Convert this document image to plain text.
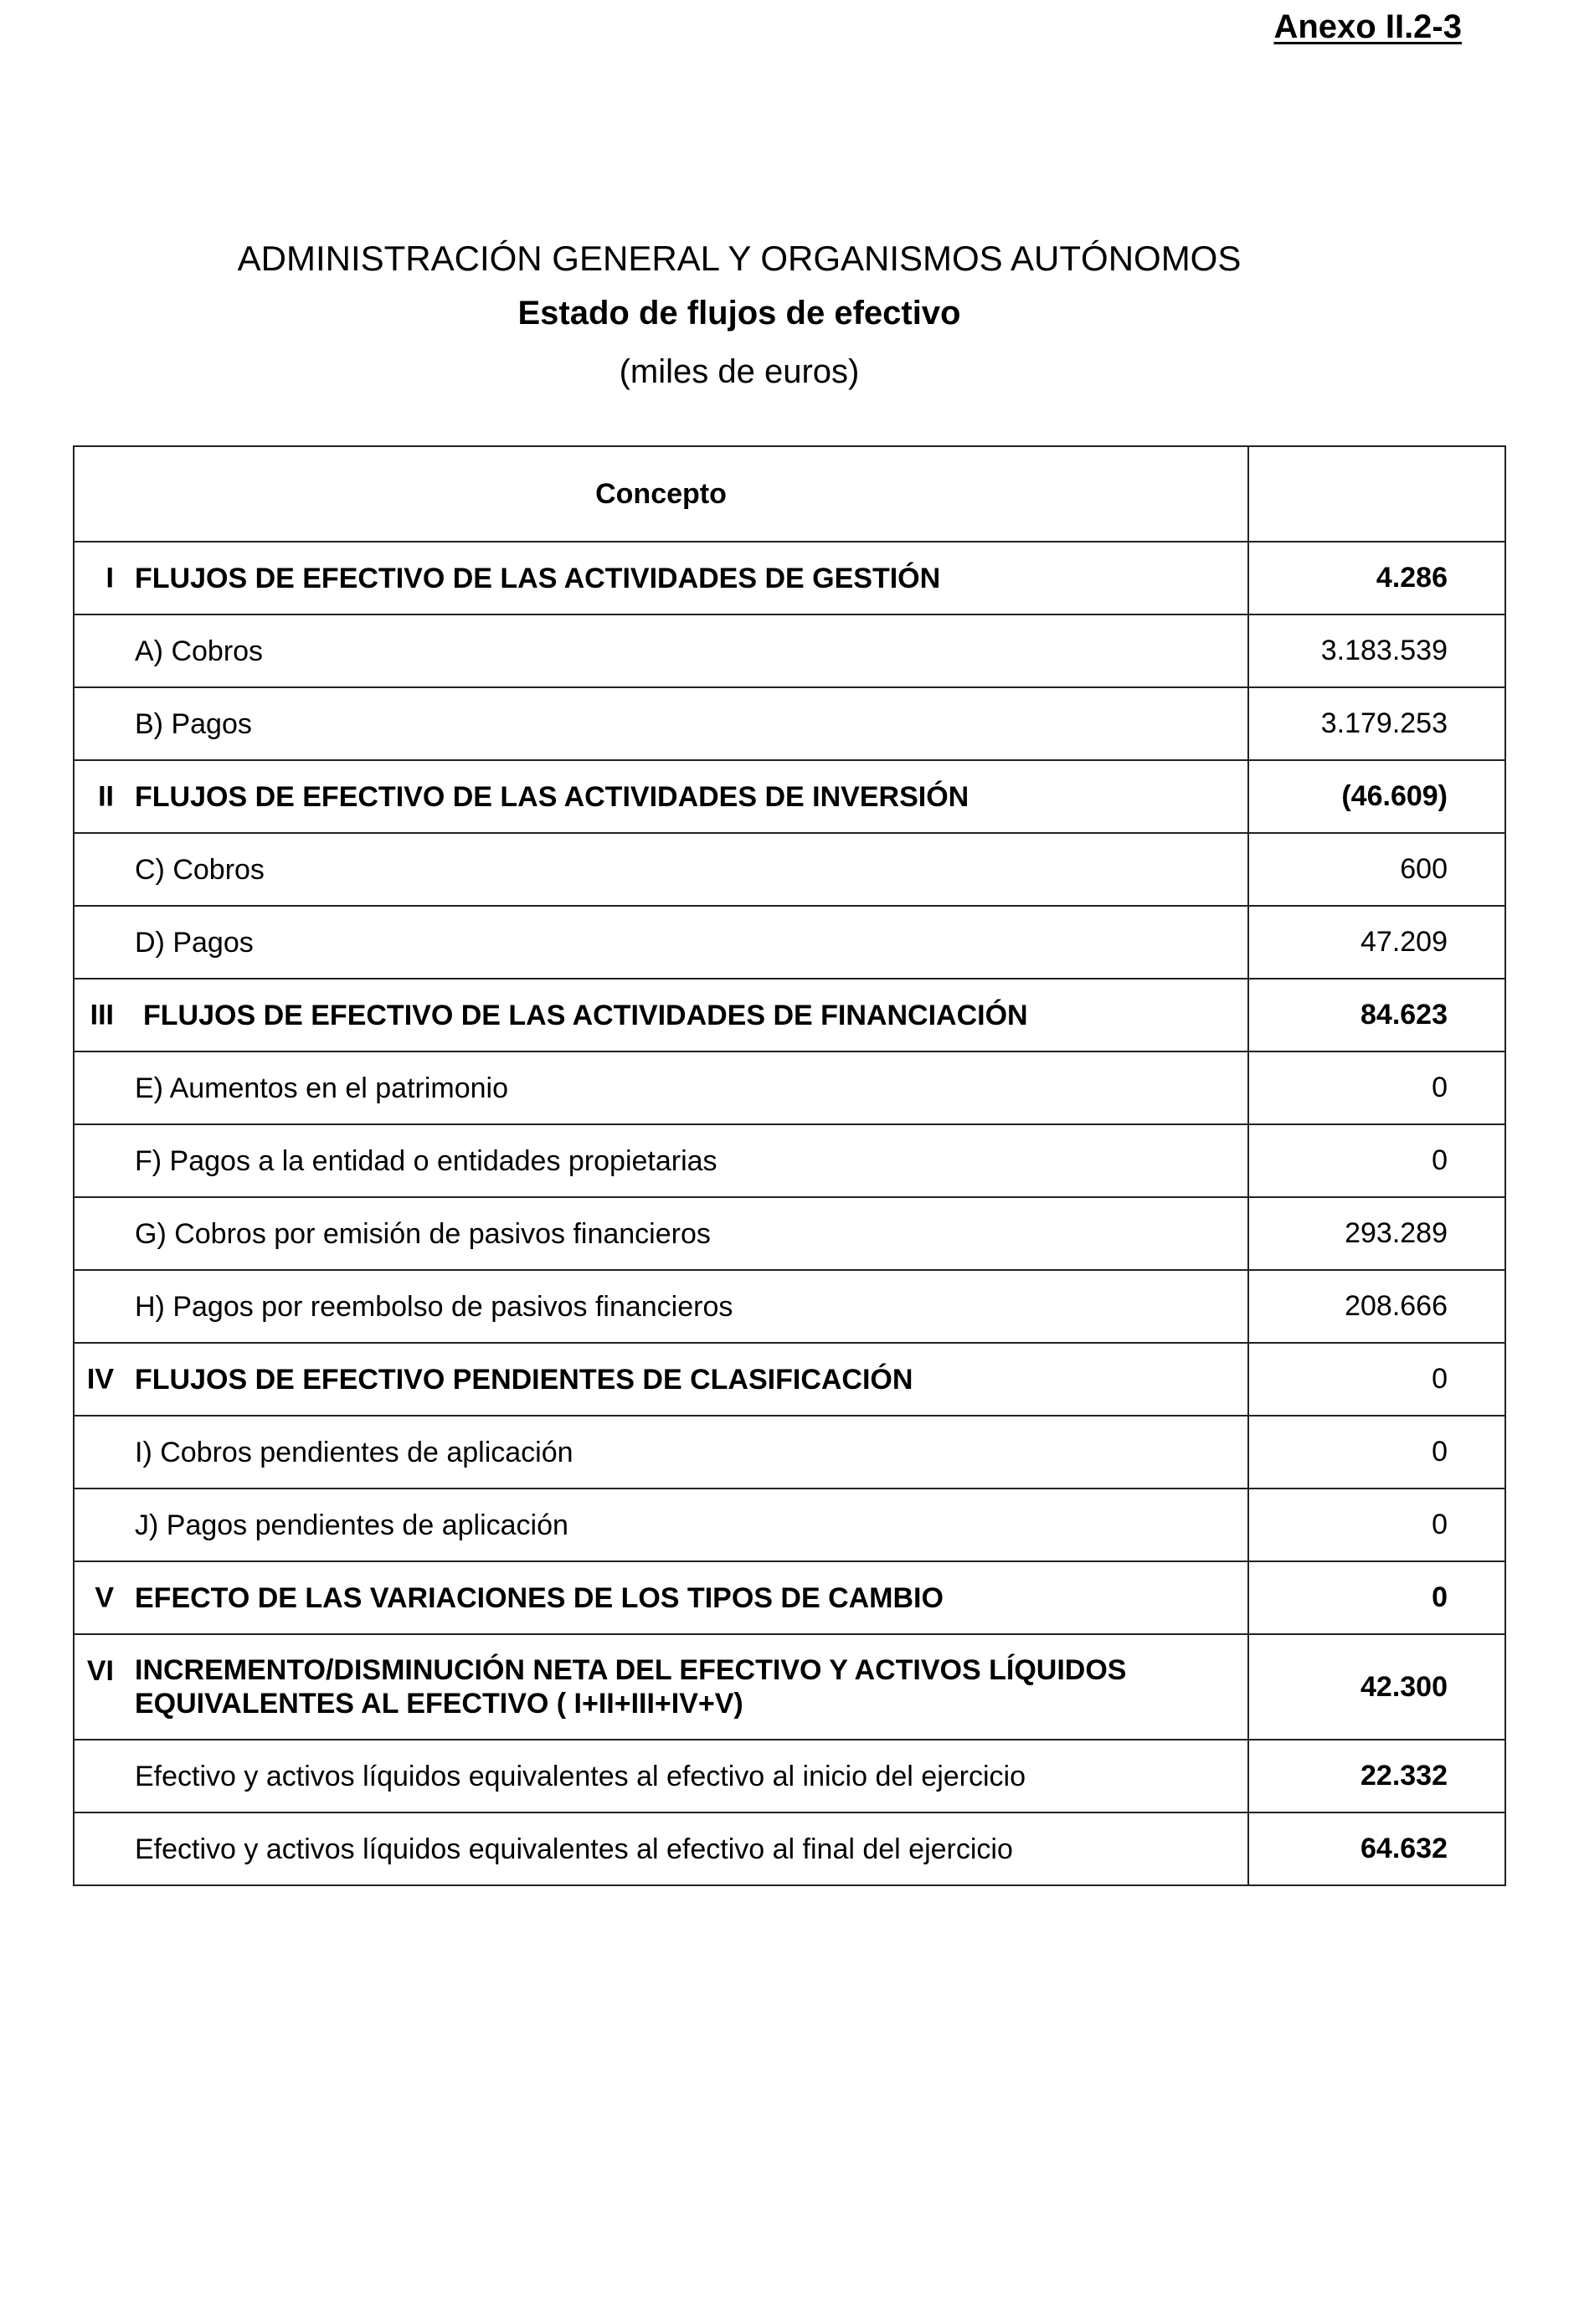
Anexo II.2-3
ADMINISTRACIÓN GENERAL Y ORGANISMOS AUTÓNOMOS
Estado de flujos de efectivo
(miles de euros)
Concepto	

I FLUJOS DE EFECTIVO DE LAS ACTIVIDADES DE GESTIÓN	4.286

A) Cobros	3.183.539

B) Pagos	3.179.253

II FLUJOS DE EFECTIVO DE LAS ACTIVIDADES DE INVERSIÓN	(46.609)

C) Cobros	600

D) Pagos	47.209

III FLUJOS DE EFECTIVO DE LAS ACTIVIDADES DE FINANCIACIÓN	84.623

E) Aumentos en el patrimonio	0

F) Pagos a la entidad o entidades propietarias	0

G) Cobros por emisión de pasivos financieros	293.289

H) Pagos por reembolso de pasivos financieros	208.666

IV FLUJOS DE EFECTIVO PENDIENTES DE CLASIFICACIÓN	0

I) Cobros pendientes de aplicación	0

J) Pagos pendientes de aplicación	0

V EFECTO DE LAS VARIACIONES DE LOS TIPOS DE CAMBIO	0

VI INCREMENTO/DISMINUCIÓN NETA DEL EFECTIVO Y ACTIVOS LÍQUIDOS EQUIVALENTES AL EFECTIVO ( I+II+III+IV+V)	42.300

Efectivo y activos líquidos equivalentes al efectivo al inicio del ejercicio	22.332

Efectivo y activos líquidos equivalentes al efectivo al final del ejercicio	64.632
